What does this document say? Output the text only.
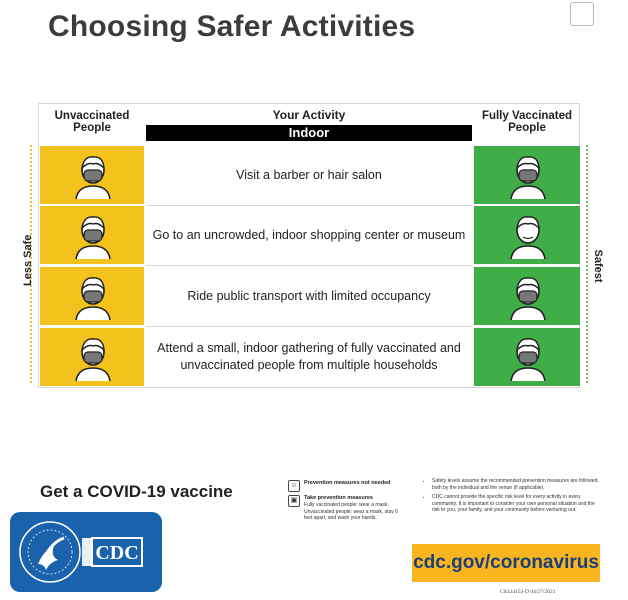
Choosing Safer Activities
Unvaccinated People
Your Activity
Indoor
Fully Vaccinated People
Less Safe	Safest
Visit a barber or hair salon
Go to an uncrowded, indoor shopping center or museum
Ride public transport with limited occupancy
Attend a small, indoor gathering of fully vaccinated and unvaccinated people from multiple households
Get a COVID-19 vaccine
CDC
☺	Prevention measures not needed
▣	Take prevention measures
Fully vaccinated people: wear a mask. Unvaccinated people: wear a mask, stay 6 feet apart, and wash your hands.
• Safety levels assume the recommended prevention measures are followed, both by the individual and the venue (if applicable).
• CDC cannot provide the specific risk level for every activity in every community. It is important to consider your own personal situation and the risk to you, your family, and your community before venturing out.
cdc.gov/coronavirus
CS324153-D 04/27/2021
